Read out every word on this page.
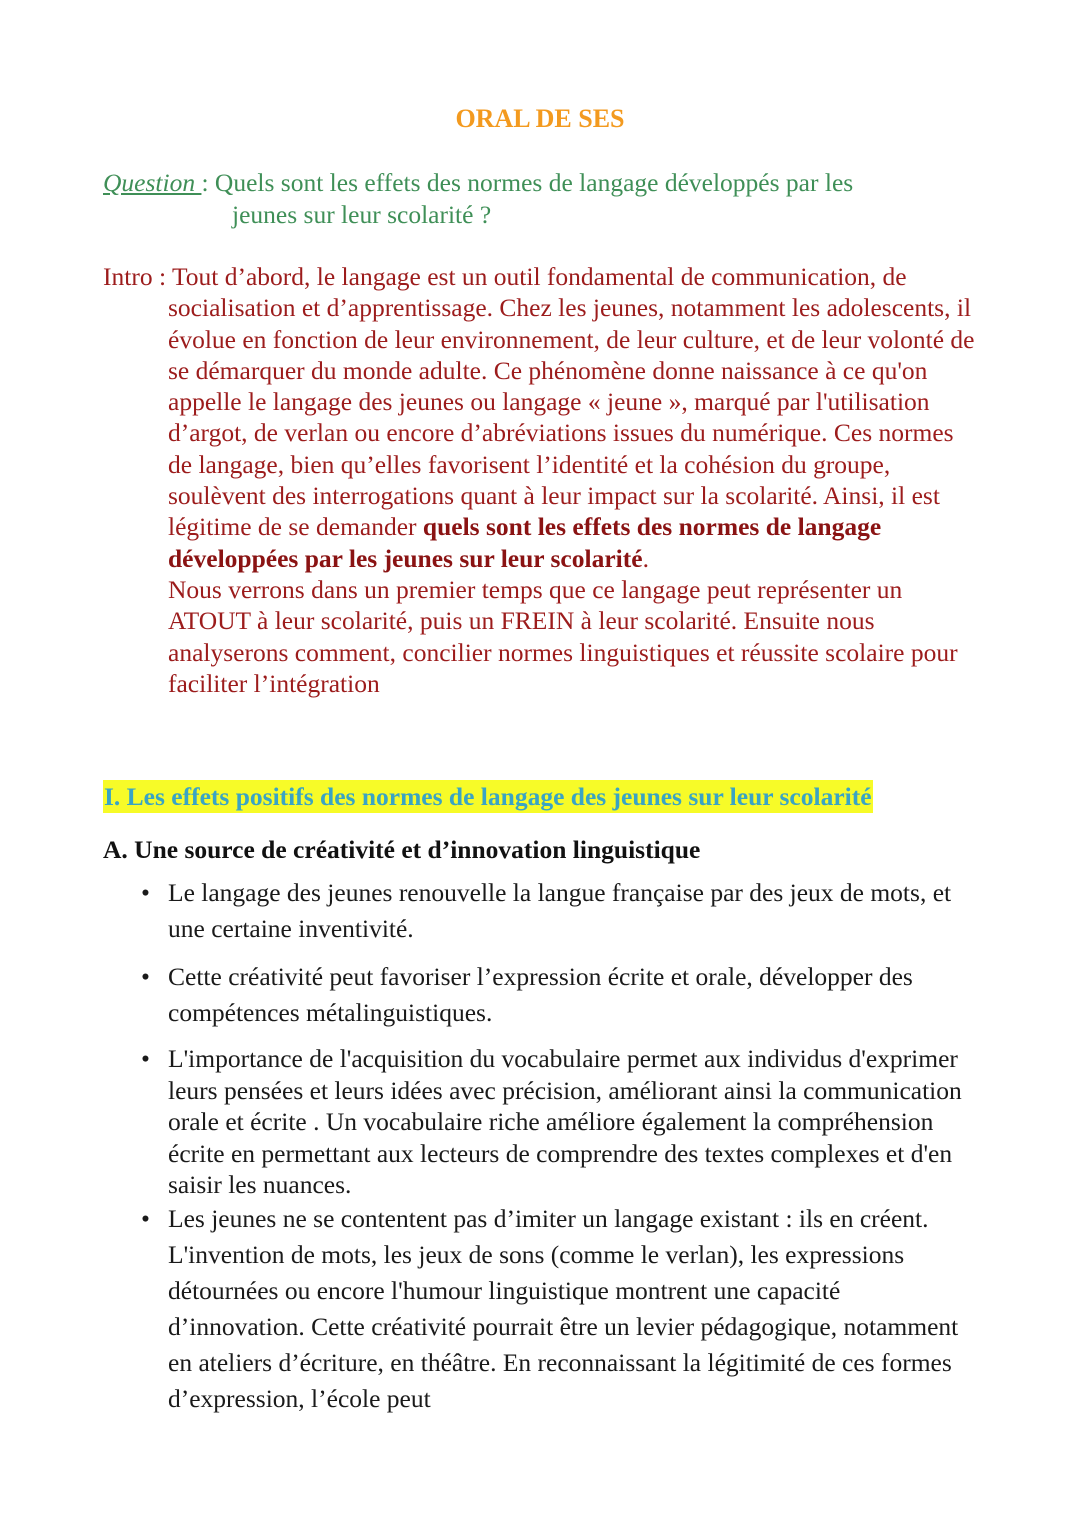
ORAL DE SES
Question : Quels sont les effets des normes de langage développés par les
jeunes sur leur scolarité ?
Intro : Tout d’abord, le langage est un outil fondamental de communication, de
socialisation et d’apprentissage. Chez les jeunes, notamment les adolescents, il évolue en fonction de leur environnement, de leur culture, et de leur volonté de se démarquer du monde adulte. Ce phénomène donne naissance à ce qu'on appelle le langage des jeunes ou langage « jeune », marqué par l'utilisation d’argot, de verlan ou encore d’abréviations issues du numérique. Ces normes de langage, bien qu’elles favorisent l’identité et la cohésion du groupe, soulèvent des interrogations quant à leur impact sur la scolarité. Ainsi, il est légitime de se demander quels sont les effets des normes de langage développées par les jeunes sur leur scolarité.
Nous verrons dans un premier temps que ce langage peut représenter un ATOUT à leur scolarité, puis un FREIN à leur scolarité. Ensuite nous analyserons comment, concilier normes linguistiques et réussite scolaire pour faciliter l’intégration
I. Les effets positifs des normes de langage des jeunes sur leur scolarité
A. Une source de créativité et d’innovation linguistique
• Le langage des jeunes renouvelle la langue française par des jeux de mots, et une certaine inventivité.
• Cette créativité peut favoriser l’expression écrite et orale, développer des compétences métalinguistiques.
• L'importance de l'acquisition du vocabulaire permet aux individus d'exprimer leurs pensées et leurs idées avec précision, améliorant ainsi la communication orale et écrite . Un vocabulaire riche améliore également la compréhension écrite en permettant aux lecteurs de comprendre des textes complexes et d'en saisir les nuances.
• Les jeunes ne se contentent pas d’imiter un langage existant : ils en créent. L'invention de mots, les jeux de sons (comme le verlan), les expressions détournées ou encore l'humour linguistique montrent une capacité d’innovation. Cette créativité pourrait être un levier pédagogique, notamment en ateliers d’écriture, en théâtre. En reconnaissant la légitimité de ces formes d’expression, l’école peut
